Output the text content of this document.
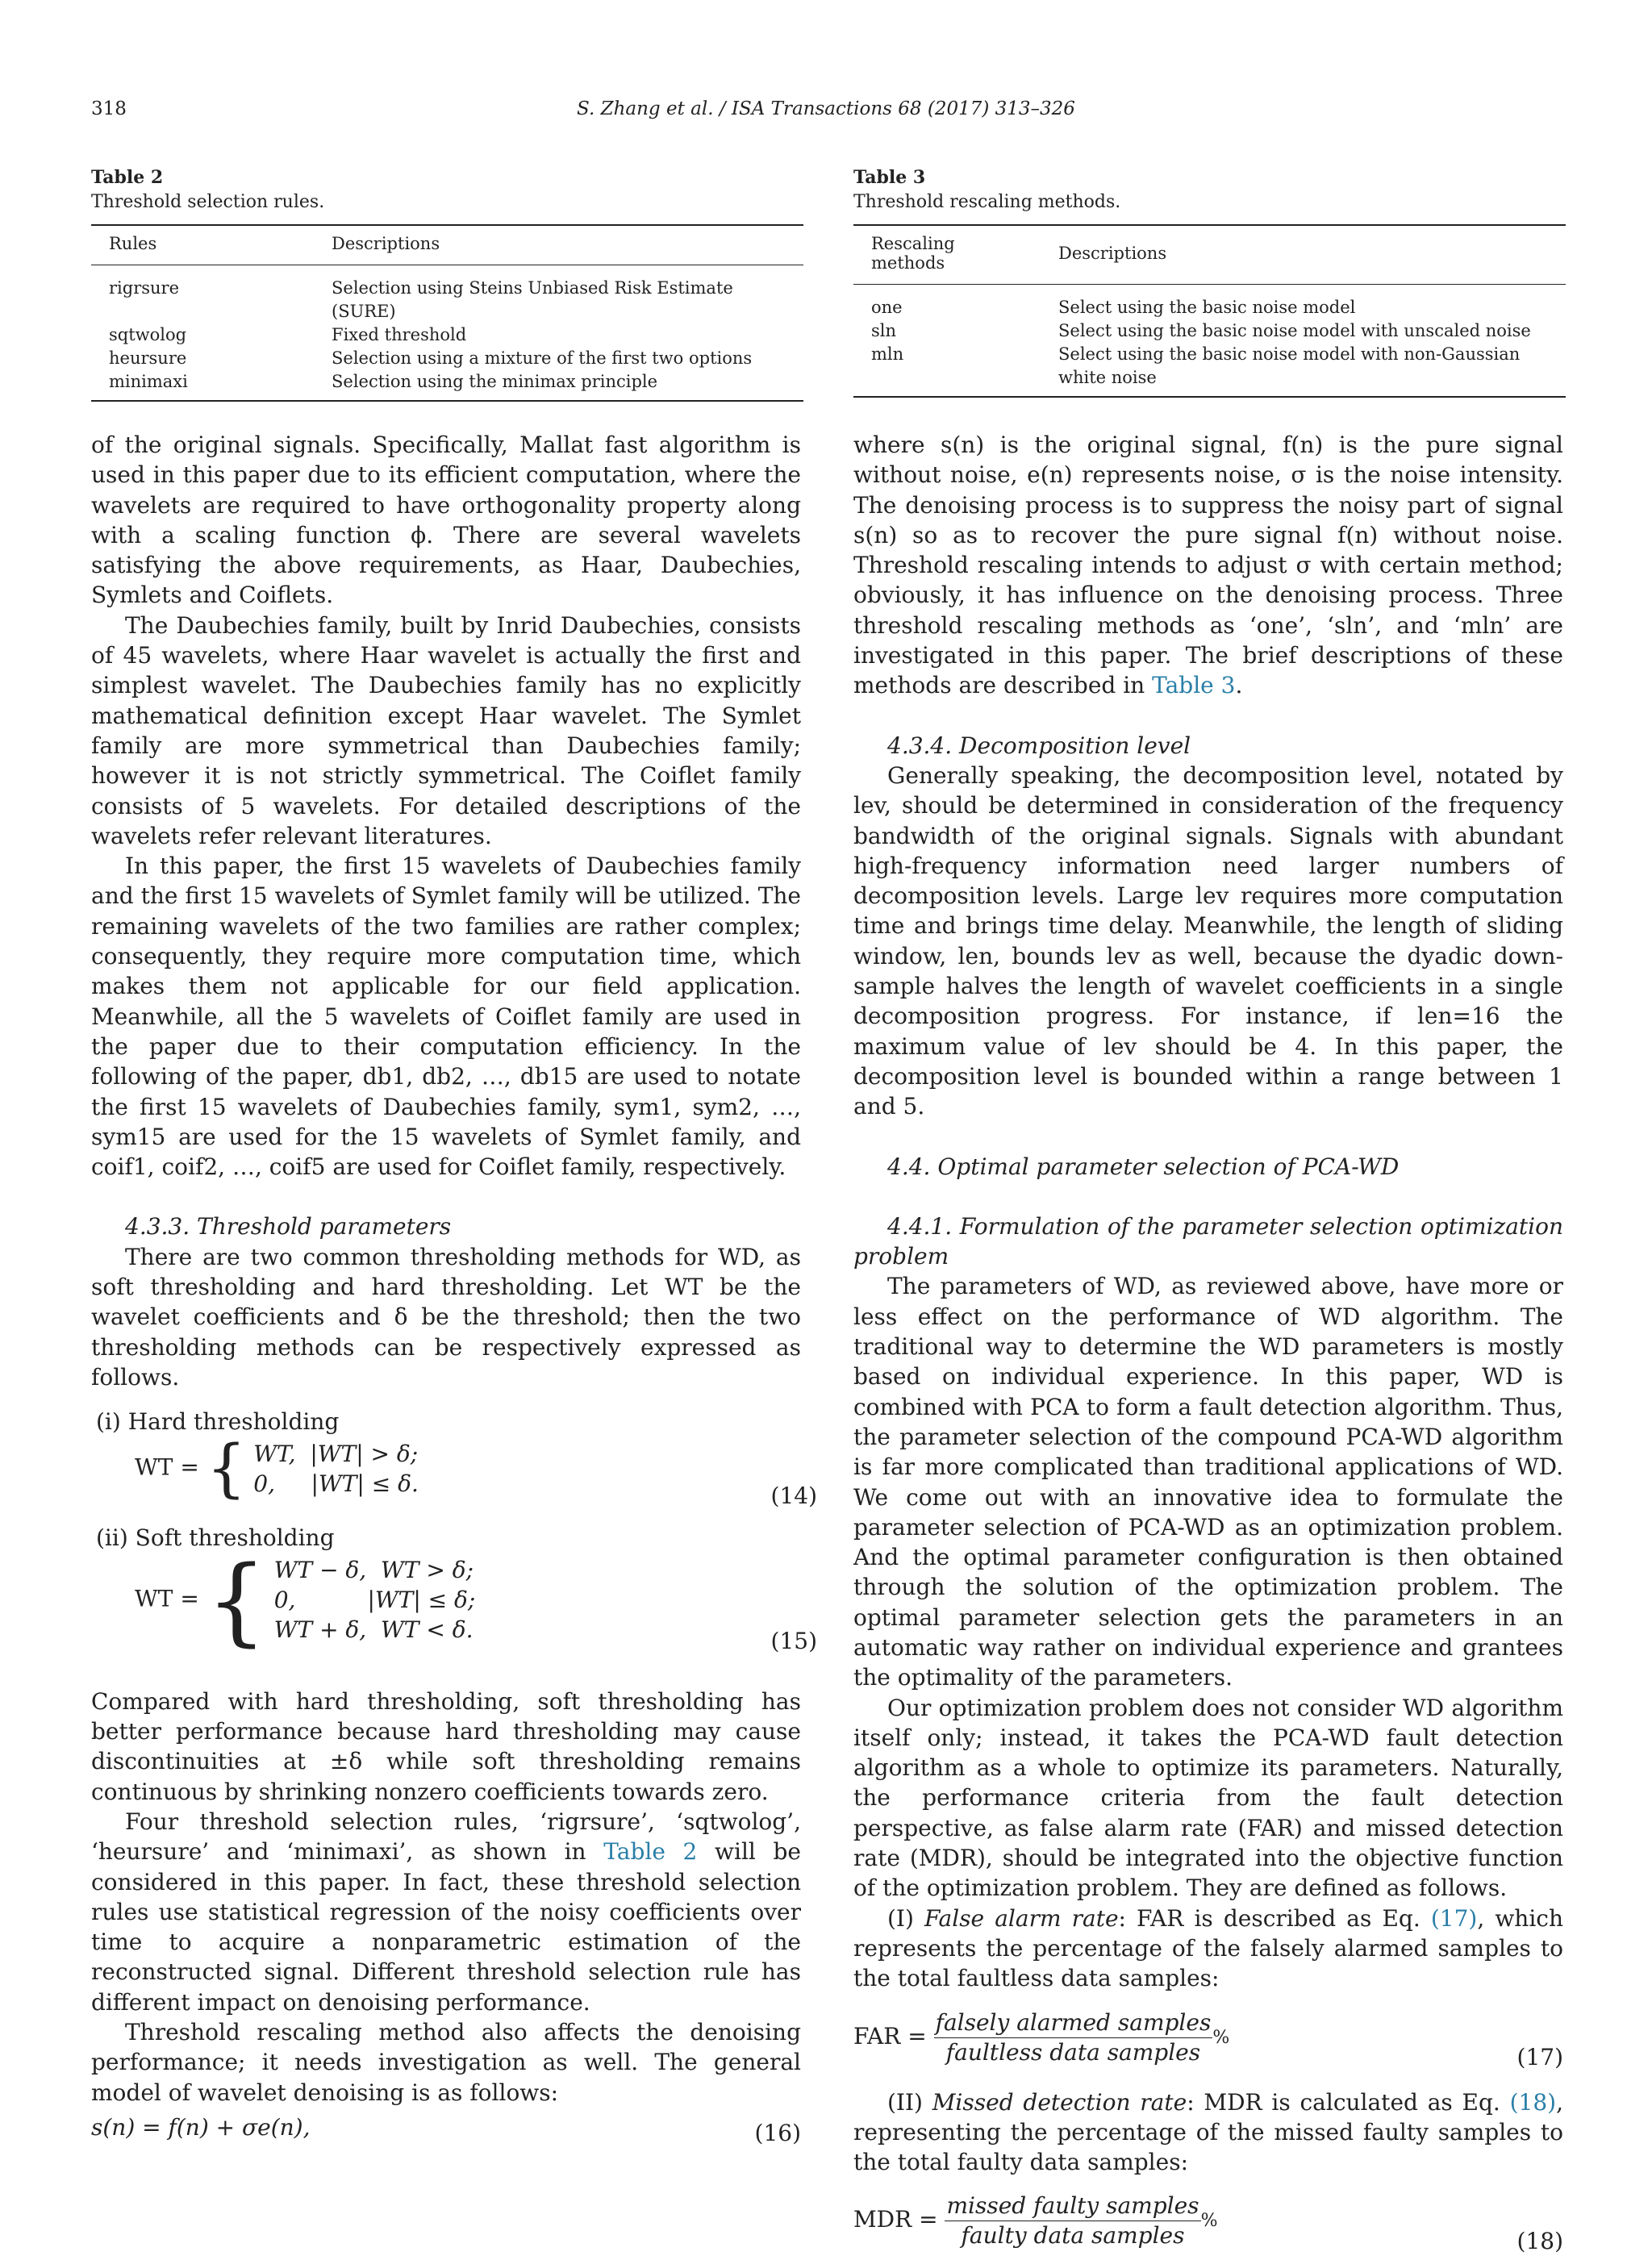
318	S. Zhang et al. / ISA Transactions 68 (2017) 313–326
Table 2
Threshold selection rules.
Rules	Descriptions
rigrsure	Selection using Steins Unbiased Risk Estimate (SURE)
sqtwolog	Fixed threshold
heursure	Selection using a mixture of the first two options
minimaxi	Selection using the minimax principle
Table 3
Threshold rescaling methods.
Rescaling methods	Descriptions
one	Select using the basic noise model
sln	Select using the basic noise model with unscaled noise
mln	Select using the basic noise model with non-Gaussian white noise

of the original signals. Specifically, Mallat fast algorithm is used in this paper due to its efficient computation, where the wavelets are required to have orthogonality property along with a scaling function ϕ. There are several wavelets satisfying the above requirements, as Haar, Daubechies, Symlets and Coiflets.

The Daubechies family, built by Inrid Daubechies, consists of 45 wavelets, where Haar wavelet is actually the first and simplest wavelet. The Daubechies family has no explicitly mathematical definition except Haar wavelet. The Symlet family are more symmetrical than Daubechies family; however it is not strictly symmetrical. The Coiflet family consists of 5 wavelets. For detailed descriptions of the wavelets refer relevant literatures.

In this paper, the first 15 wavelets of Daubechies family and the first 15 wavelets of Symlet family will be utilized. The remaining wavelets of the two families are rather complex; consequently, they require more computation time, which makes them not applicable for our field application. Meanwhile, all the 5 wavelets of Coiflet family are used in the paper due to their computation efficiency. In the following of the paper, db1, db2, …, db15 are used to notate the first 15 wavelets of Daubechies family, sym1, sym2, …, sym15 are used for the 15 wavelets of Symlet family, and coif1, coif2, …, coif5 are used for Coiflet family, respectively.

4.3.3. Threshold parameters

There are two common thresholding methods for WD, as soft thresholding and hard thresholding. Let WT be the wavelet coefficients and δ be the threshold; then the two thresholding methods can be respectively expressed as follows.

(i) Hard thresholding

WT = { WT,  |WT| > δ;
0,     |WT| ≤ δ.	(14)

(ii) Soft thresholding

WT = { WT − δ,  WT > δ;
0,          |WT| ≤ δ;
WT + δ,  WT < δ.	(15)

Compared with hard thresholding, soft thresholding has better performance because hard thresholding may cause discontinuities at ±δ while soft thresholding remains continuous by shrinking nonzero coefficients towards zero.

Four threshold selection rules, ‘rigrsure’, ‘sqtwolog’, ‘heursure’ and ‘minimaxi’, as shown in Table 2 will be considered in this paper. In fact, these threshold selection rules use statistical regression of the noisy coefficients over time to acquire a nonparametric estimation of the reconstructed signal. Different threshold selection rule has different impact on denoising performance.

Threshold rescaling method also affects the denoising performance; it needs investigation as well. The general model of wavelet denoising is as follows:

s(n) = f(n) + σe(n),	(16)

where s(n) is the original signal, f(n) is the pure signal without noise, e(n) represents noise, σ is the noise intensity. The denoising process is to suppress the noisy part of signal s(n) so as to recover the pure signal f(n) without noise. Threshold rescaling intends to adjust σ with certain method; obviously, it has influence on the denoising process. Three threshold rescaling methods as ‘one’, ‘sln’, and ‘mln’ are investigated in this paper. The brief descriptions of these methods are described in Table 3.

4.3.4. Decomposition level

Generally speaking, the decomposition level, notated by lev, should be determined in consideration of the frequency bandwidth of the original signals. Signals with abundant high-frequency information need larger numbers of decomposition levels. Large lev requires more computation time and brings time delay. Meanwhile, the length of sliding window, len, bounds lev as well, because the dyadic down-sample halves the length of wavelet coefficients in a single decomposition progress. For instance, if len=16 the maximum value of lev should be 4. In this paper, the decomposition level is bounded within a range between 1 and 5.

4.4. Optimal parameter selection of PCA-WD

4.4.1. Formulation of the parameter selection optimization problem

The parameters of WD, as reviewed above, have more or less effect on the performance of WD algorithm. The traditional way to determine the WD parameters is mostly based on individual experience. In this paper, WD is combined with PCA to form a fault detection algorithm. Thus, the parameter selection of the compound PCA-WD algorithm is far more complicated than traditional applications of WD. We come out with an innovative idea to formulate the parameter selection of PCA-WD as an optimization problem. And the optimal parameter configuration is then obtained through the solution of the optimization problem. The optimal parameter selection gets the parameters in an automatic way rather on individual experience and grantees the optimality of the parameters.

Our optimization problem does not consider WD algorithm itself only; instead, it takes the PCA-WD fault detection algorithm as a whole to optimize its parameters. Naturally, the performance criteria from the fault detection perspective, as false alarm rate (FAR) and missed detection rate (MDR), should be integrated into the objective function of the optimization problem. They are defined as follows.

(I) False alarm rate: FAR is described as Eq. (17), which represents the percentage of the falsely alarmed samples to the total faultless data samples:

FAR = $\frac{\text{falsely alarmed samples}}{\text{faultless data samples}}$ %
(17)

(II) Missed detection rate: MDR is calculated as Eq. (18), representing the percentage of the missed faulty samples to the total faulty data samples:

MDR = $\frac{\text{missed faulty samples}}{\text{faulty data samples}}$ %
(18)
